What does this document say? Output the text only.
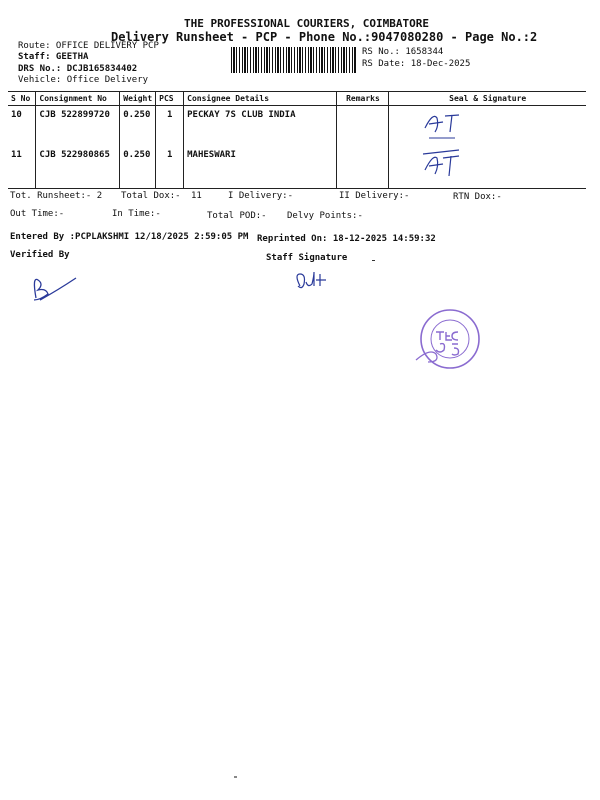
THE PROFESSIONAL COURIERS, COIMBATORE
Delivery Runsheet - PCP - Phone No.:9047080280 - Page No.:2
Route: OFFICE DELIVERY PCP
Staff: GEETHA
DRS No.: DCJB165834402
Vehicle: Office Delivery
RS No.: 1658344
RS Date: 18-Dec-2025
S No	Consignment No	Weight	PCS	Consignee Details	Remarks	Seal & Signature
10	CJB 522899720	0.250	1	PECKAY 7S CLUB INDIA		

11	CJB 522980865	0.250	1	MAHESWARI		
Tot. Runsheet:- 2 Total Dox:- 11	I Delivery:-	II Delivery:-	RTN Dox:-
Out Time:-	In Time:-	Total POD:- Delvy Points:-
Entered By :PCPLAKSHMI 12/18/2025 2:59:05 PM Reprinted On: 18-12-2025 14:59:32
Verified By	Staff Signature
